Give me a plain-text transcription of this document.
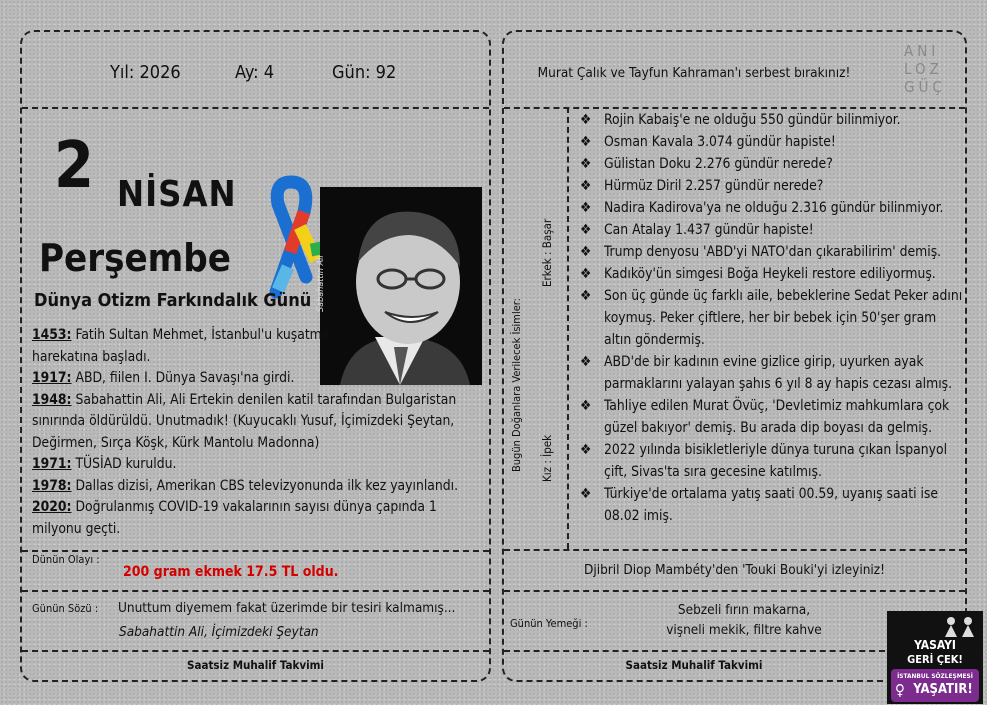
Yıl: 2026	Ay: 4	Gün: 92
2 NİSAN
Perşembe	Sabahattin Ali
Dünya Otizm Farkındalık Günü

1453: Fatih Sultan Mehmet, İstanbul'u kuşatma harekatına başladı.

1917: ABD, fiilen I. Dünya Savaşı'na girdi.

1948: Sabahattin Ali, Ali Ertekin denilen katil tarafından Bulgaristan sınırında öldürüldü. Unutmadık! (Kuyucaklı Yusuf, İçimizdeki Şeytan, Değirmen, Sırça Köşk, Kürk Mantolu Madonna)

1971: TÜSİAD kuruldu.

1978: Dallas dizisi, Amerikan CBS televizyonunda ilk kez yayınlandı.

2020: Doğrulanmış COVID-19 vakalarının sayısı dünya çapında 1 milyonu geçti.

Dünün Olayı :
200 gram ekmek 17.5 TL oldu.
Günün Sözü : Unuttum diyemem fakat üzerimde bir tesiri kalmamış...
Sabahattin Ali, İçimizdeki Şeytan
Saatsiz Muhalif Takvimi
Murat Çalık ve Tayfun Kahraman'ı serbest bırakınız!
ANI
LOZ
GÜÇ
Bugün Doğanlara Verilecek İsimler:
Erkek : Başar
Kız : İpek
❖ Rojin Kabaiş'e ne olduğu 550 gündür bilinmiyor.
❖ Osman Kavala 3.074 gündür hapiste!
❖ Gülistan Doku 2.276 gündür nerede?
❖ Hürmüz Diril 2.257 gündür nerede?
❖ Nadira Kadirova'ya ne olduğu 2.316 gündür bilinmiyor.
❖ Can Atalay 1.437 gündür hapiste!
❖ Trump denyosu 'ABD'yi NATO'dan çıkarabilirim' demiş.
❖ Kadıköy'ün simgesi Boğa Heykeli restore ediliyormuş.
❖ Son üç günde üç farklı aile, bebeklerine Sedat Peker adını koymuş. Peker çiftlere, her bir bebek için 50'şer gram altın göndermiş.
❖ ABD'de bir kadının evine gizlice girip, uyurken ayak parmaklarını yalayan şahıs 6 yıl 8 ay hapis cezası almış.
❖ Tahliye edilen Murat Övüç, 'Devletimiz mahkumlara çok güzel bakıyor' demiş. Bu arada dip boyası da gelmiş.
❖ 2022 yılında bisikletleriyle dünya turuna çıkan İspanyol çift, Sivas'ta sıra gecesine katılmış.
❖ Türkiye'de ortalama yatış saati 00.59, uyanış saati ise 08.02 imiş.
Djibril Diop Mambéty'den 'Touki Bouki'yi izleyiniz!
Günün Yemeği :
Sebzeli fırın makarna,
vişneli mekik, filtre kahve
Saatsiz Muhalif Takvimi
YASAYI
GERİ ÇEK!
İSTANBUL SÖZLEŞMESİ
YAŞATIR!
♀
